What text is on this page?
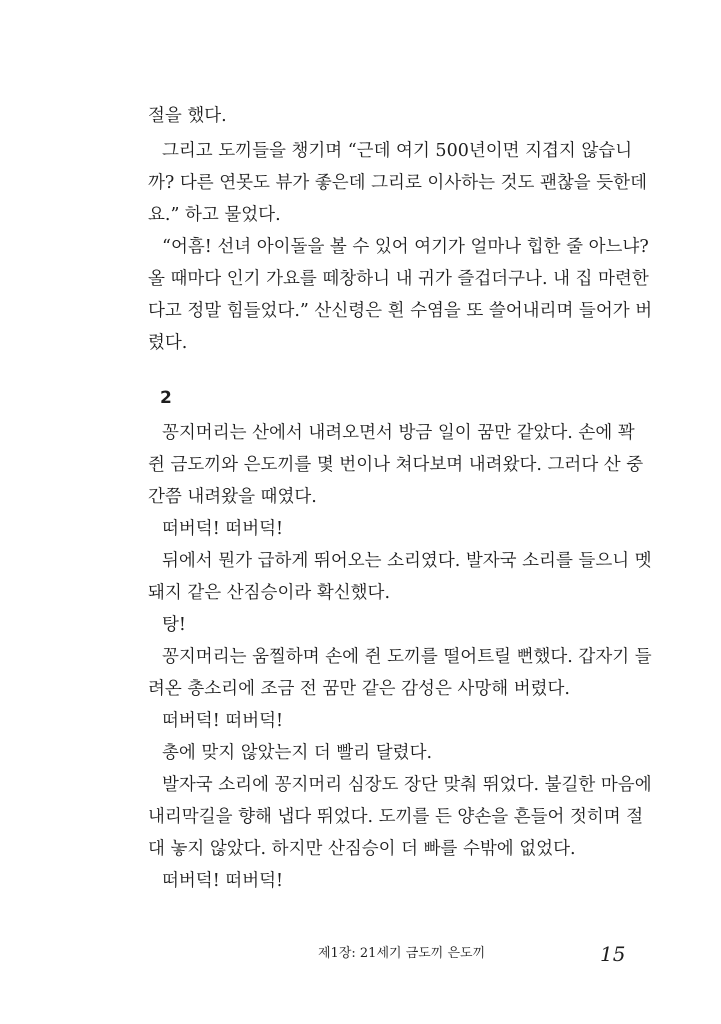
절을 했다.
그리고 도끼들을 챙기며 “근데 여기 500년이면 지겹지 않습니
까? 다른 연못도 뷰가 좋은데 그리로 이사하는 것도 괜찮을 듯한데
요.” 하고 물었다.
“어흠! 선녀 아이돌을 볼 수 있어 여기가 얼마나 힙한 줄 아느냐?
올 때마다 인기 가요를 떼창하니 내 귀가 즐겁더구나. 내 집 마련한
다고 정말 힘들었다.” 산신령은 흰 수염을 또 쓸어내리며 들어가 버
렸다.
2
꽁지머리는 산에서 내려오면서 방금 일이 꿈만 같았다. 손에 꽉
쥔 금도끼와 은도끼를 몇 번이나 쳐다보며 내려왔다. 그러다 산 중
간쯤 내려왔을 때였다.
떠버덕! 떠버덕!
뒤에서 뭔가 급하게 뛰어오는 소리였다. 발자국 소리를 들으니 멧
돼지 같은 산짐승이라 확신했다.
탕!
꽁지머리는 움찔하며 손에 쥔 도끼를 떨어트릴 뻔했다. 갑자기 들
려온 총소리에 조금 전 꿈만 같은 감성은 사망해 버렸다.
떠버덕! 떠버덕!
총에 맞지 않았는지 더 빨리 달렸다.
발자국 소리에 꽁지머리 심장도 장단 맞춰 뛰었다. 불길한 마음에
내리막길을 향해 냅다 뛰었다. 도끼를 든 양손을 흔들어 젓히며 절
대 놓지 않았다. 하지만 산짐승이 더 빠를 수밖에 없었다.
떠버덕! 떠버덕!
제1장: 21세기 금도끼 은도끼	15
